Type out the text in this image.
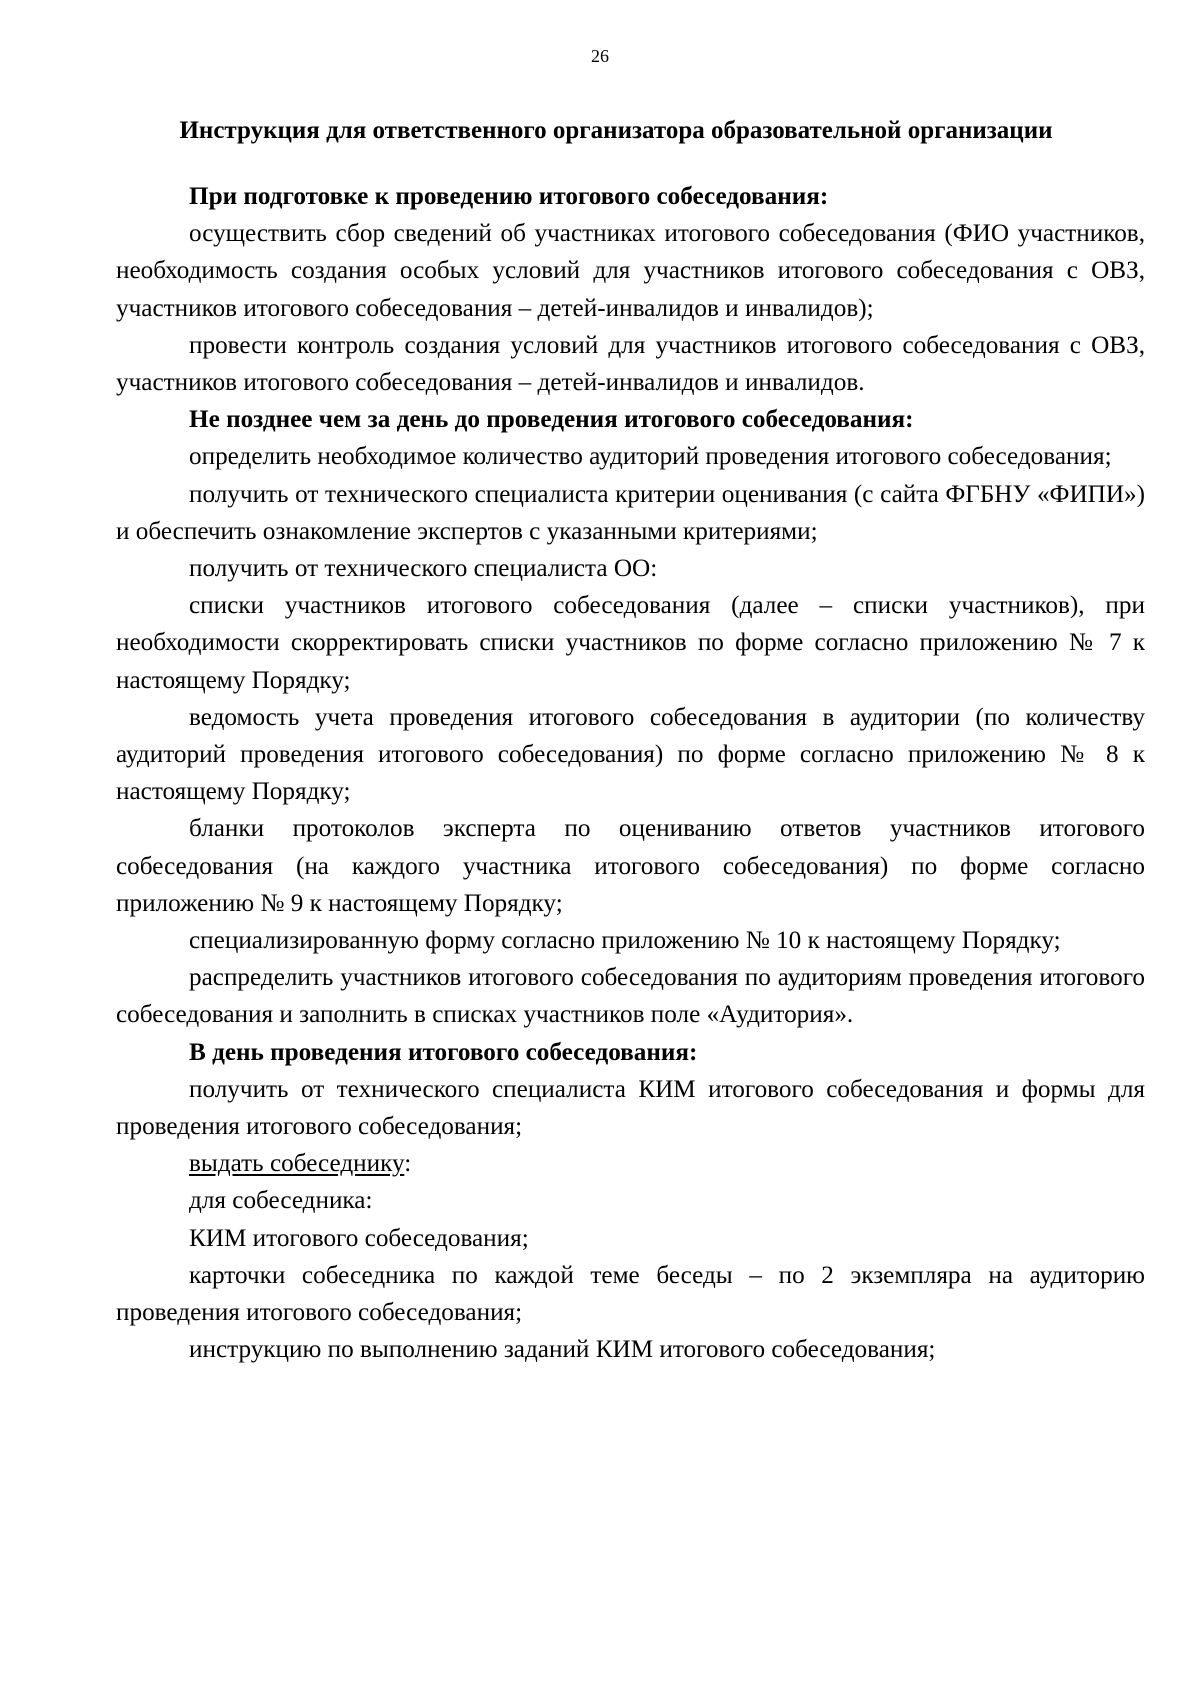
26
Инструкция для ответственного организатора образовательной организации

При подготовке к проведению итогового собеседования:

осуществить сбор сведений об участниках итогового собеседования (ФИО участников, необходимость создания особых условий для участников итогового собеседования с ОВЗ, участников итогового собеседования – детей-инвалидов и инвалидов);

провести контроль создания условий для участников итогового собеседования с ОВЗ, участников итогового собеседования – детей-инвалидов и инвалидов.

Не позднее чем за день до проведения итогового собеседования:

определить необходимое количество аудиторий проведения итогового собеседования;

получить от технического специалиста критерии оценивания (с сайта ФГБНУ «ФИПИ») и обеспечить ознакомление экспертов с указанными критериями;

получить от технического специалиста ОО:

списки участников итогового собеседования (далее – списки участников), при необходимости скорректировать списки участников по форме согласно приложению № 7 к настоящему Порядку;

ведомость учета проведения итогового собеседования в аудитории (по количеству аудиторий проведения итогового собеседования) по форме согласно приложению № 8 к настоящему Порядку;

бланки протоколов эксперта по оцениванию ответов участников итогового собеседования (на каждого участника итогового собеседования) по форме согласно приложению № 9 к настоящему Порядку;

специализированную форму согласно приложению № 10 к настоящему Порядку;

распределить участников итогового собеседования по аудиториям проведения итогового собеседования и заполнить в списках участников поле «Аудитория».

В день проведения итогового собеседования:

получить от технического специалиста КИМ итогового собеседования и формы для проведения итогового собеседования;

выдать собеседнику:

для собеседника:

КИМ итогового собеседования;

карточки собеседника по каждой теме беседы – по 2 экземпляра на аудиторию проведения итогового собеседования;

инструкцию по выполнению заданий КИМ итогового собеседования;
